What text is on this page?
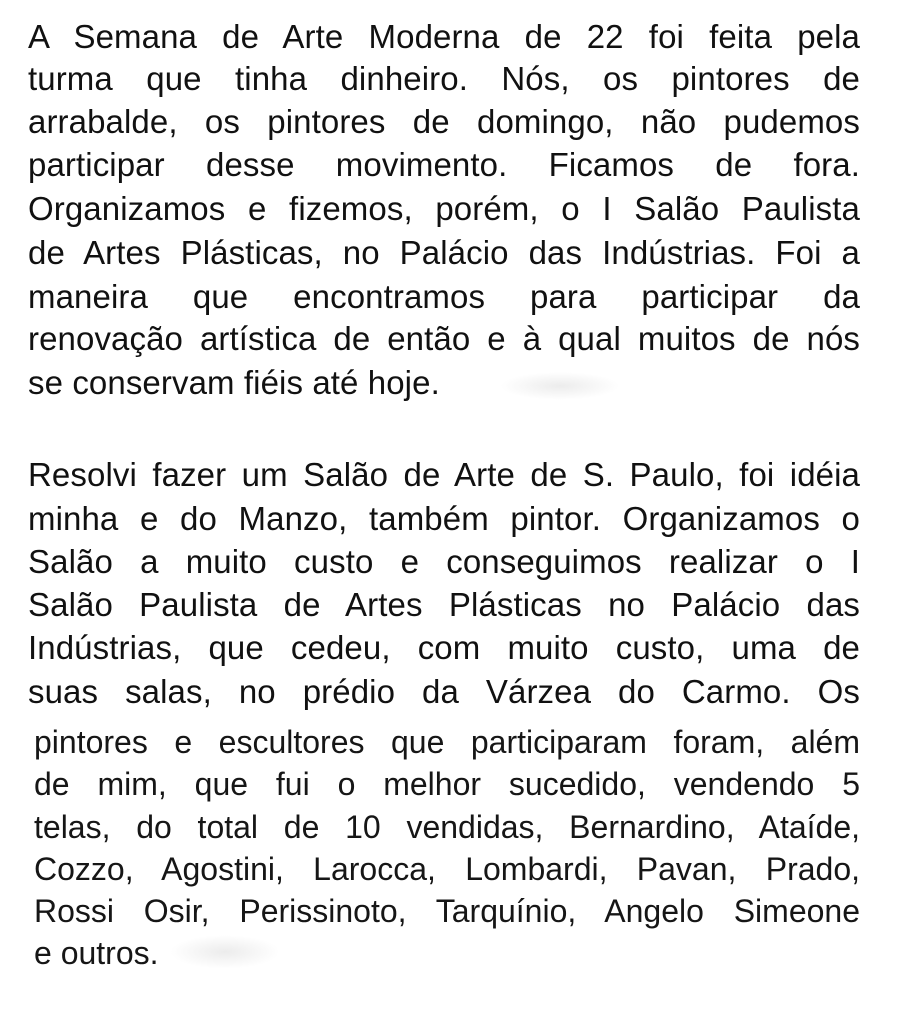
A Semana de Arte Moderna de 22 foi feita pela

turma que tinha dinheiro. Nós, os pintores de

arrabalde, os pintores de domingo, não pudemos

participar desse movimento. Ficamos de fora.

Organizamos e fizemos, porém, o I Salão Paulista

de Artes Plásticas, no Palácio das Indústrias. Foi a

maneira que encontramos para participar da

renovação artística de então e à qual muitos de nós

se conservam fiéis até hoje.

Resolvi fazer um Salão de Arte de S. Paulo, foi idéia

minha e do Manzo, também pintor. Organizamos o

Salão a muito custo e conseguimos realizar o I

Salão Paulista de Artes Plásticas no Palácio das

Indústrias, que cedeu, com muito custo, uma de

suas salas, no prédio da Várzea do Carmo. Os

pintores e escultores que participaram foram, além

de mim, que fui o melhor sucedido, vendendo 5

telas, do total de 10 vendidas, Bernardino, Ataíde,

Cozzo, Agostini, Larocca, Lombardi, Pavan, Prado,

Rossi Osir, Perissinoto, Tarquínio, Angelo Simeone

e outros.
